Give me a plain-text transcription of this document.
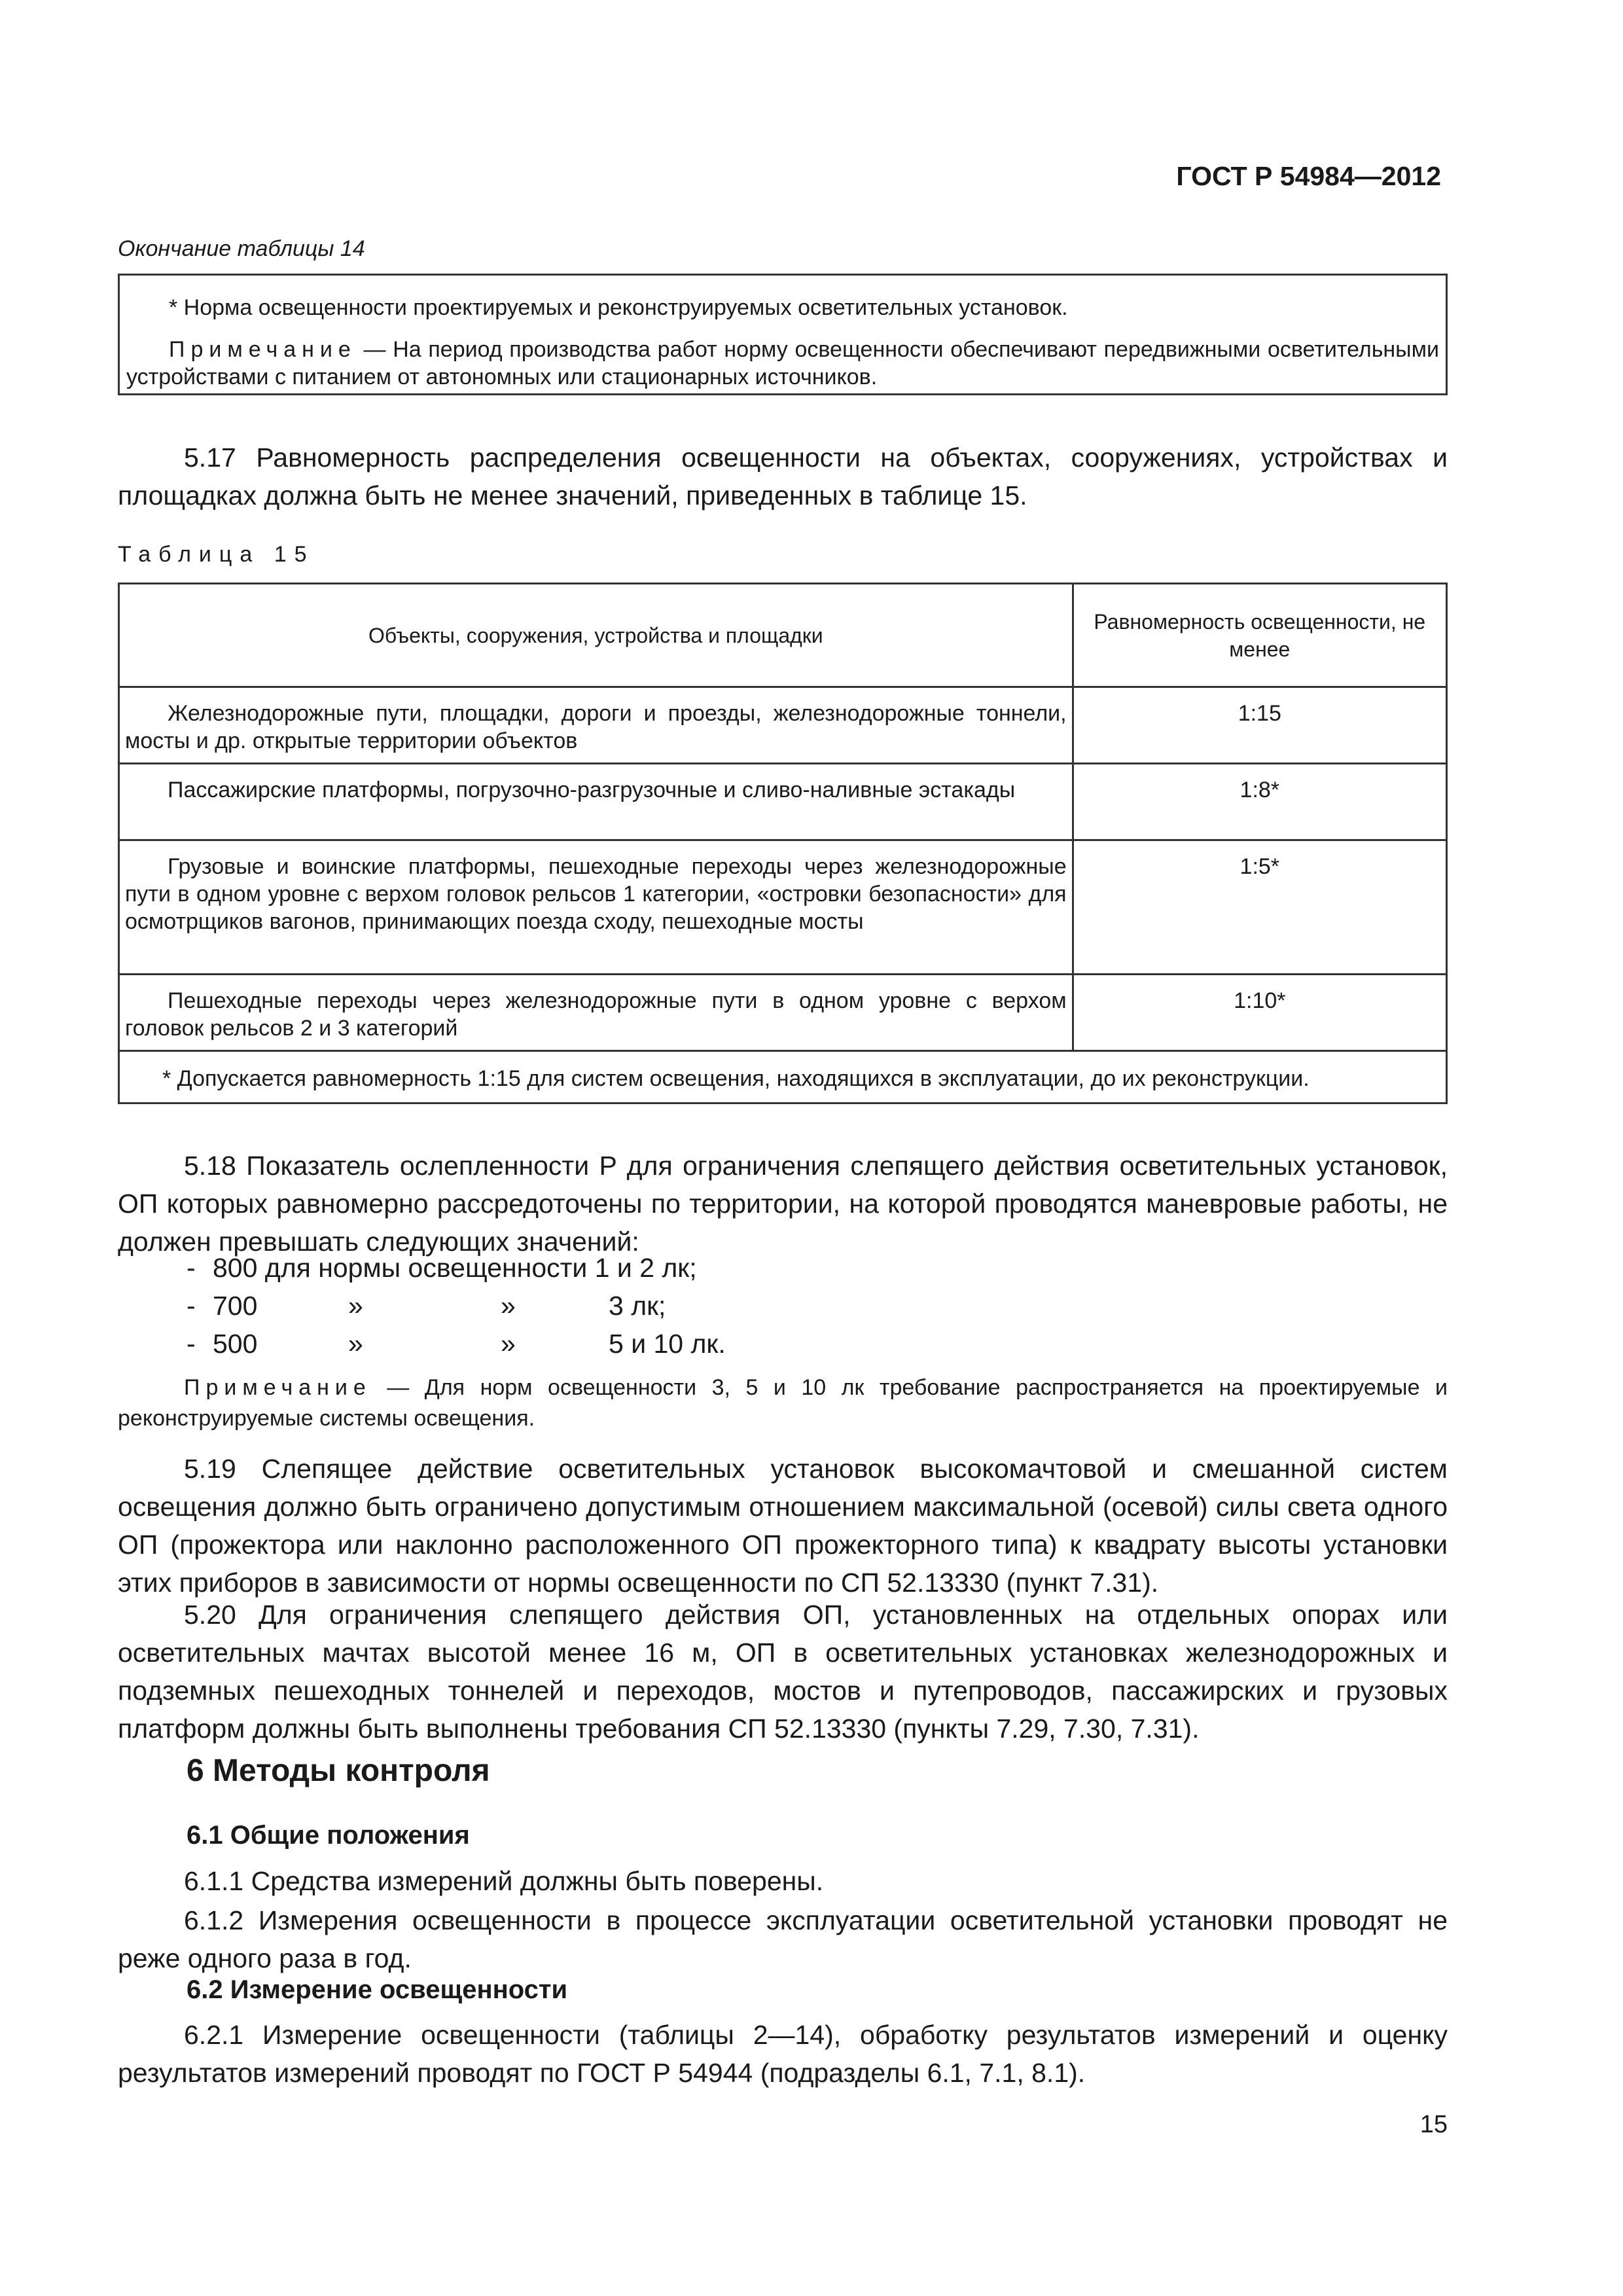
ГОСТ Р 54984—2012
Окончание таблицы 14
* Норма освещенности проектируемых и реконструируемых осветительных установок.
Примечание — На период производства работ норму освещенности обеспечивают передвижными осветительными устройствами с питанием от автономных или стационарных источников.
5.17 Равномерность распределения освещенности на объектах, сооружениях, устройствах и площадках должна быть не менее значений, приведенных в таблице 15.
Таблица 15
Объекты, сооружения, устройства и площадки	Равномерность освещенности, не менее
Железнодорожные пути, площадки, дороги и проезды, железнодорожные тоннели, мосты и др. открытые территории объектов	1:15
Пассажирские платформы, погрузочно-разгрузочные и сливо-наливные эстакады	1:8*
Грузовые и воинские платформы, пешеходные переходы через железнодорожные пути в одном уровне с верхом головок рельсов 1 категории, «островки безопасности» для осмотрщиков вагонов, принимающих поезда сходу, пешеходные мосты	1:5*
Пешеходные переходы через железнодорожные пути в одном уровне с верхом головок рельсов 2 и 3 категорий	1:10*
* Допускается равномерность 1:15 для систем освещения, находящихся в эксплуатации, до их реконструкции.	
5.18 Показатель ослепленности P для ограничения слепящего действия осветительных установок, ОП которых равномерно рассредоточены по территории, на которой проводятся маневровые работы, не должен превышать следующих значений:
- 800 для нормы освещенности 1 и 2 лк;
- 700	»	»	3 лк;
- 500	»	»	5 и 10 лк.
Примечание — Для норм освещенности 3, 5 и 10 лк требование распространяется на проектируемые и реконструируемые системы освещения.
5.19 Слепящее действие осветительных установок высокомачтовой и смешанной систем освещения должно быть ограничено допустимым отношением максимальной (осевой) силы света одного ОП (прожектора или наклонно расположенного ОП прожекторного типа) к квадрату высоты установки этих приборов в зависимости от нормы освещенности по СП 52.13330 (пункт 7.31).
5.20 Для ограничения слепящего действия ОП, установленных на отдельных опорах или осветительных мачтах высотой менее 16 м, ОП в осветительных установках железнодорожных и подземных пешеходных тоннелей и переходов, мостов и путепроводов, пассажирских и грузовых платформ должны быть выполнены требования СП 52.13330 (пункты 7.29, 7.30, 7.31).
6 Методы контроля
6.1 Общие положения
6.1.1 Средства измерений должны быть поверены.
6.1.2 Измерения освещенности в процессе эксплуатации осветительной установки проводят не реже одного раза в год.
6.2 Измерение освещенности
6.2.1 Измерение освещенности (таблицы 2—14), обработку результатов измерений и оценку результатов измерений проводят по ГОСТ Р 54944 (подразделы 6.1, 7.1, 8.1).
15
